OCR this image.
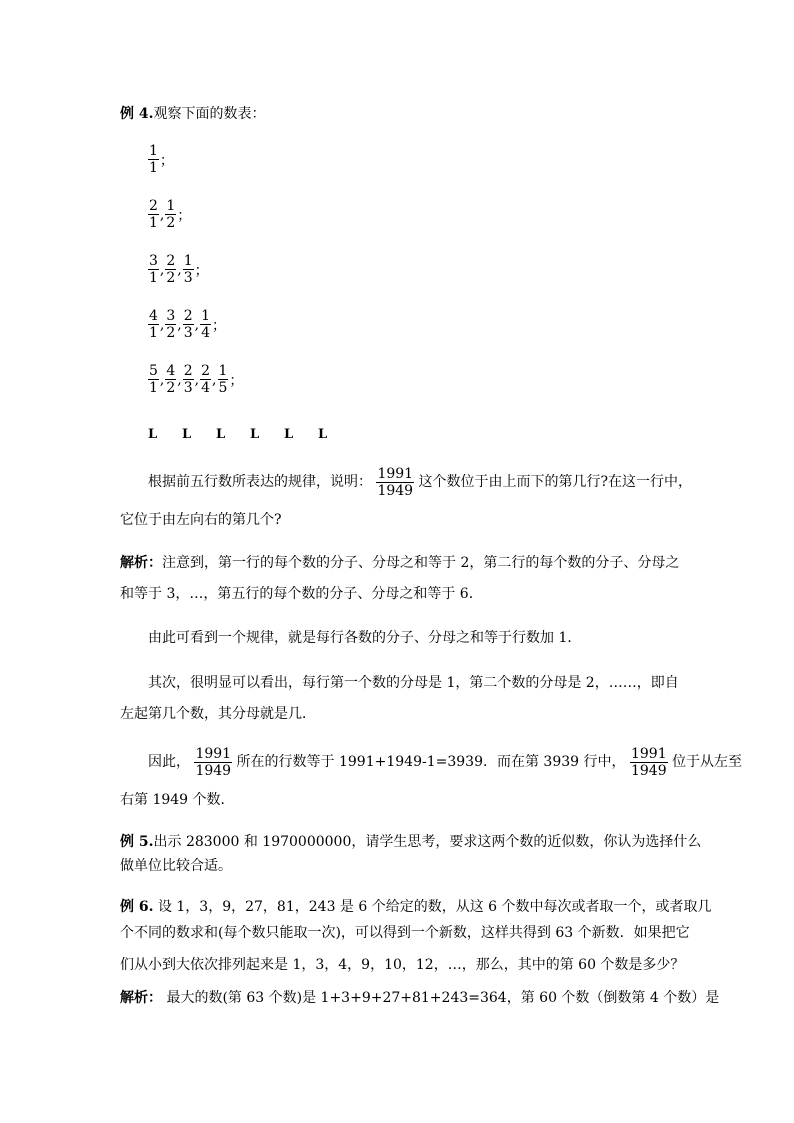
例 4.观察下面的数表：
$\frac{1}{1}$ ；
$\frac{2}{1}$ , $\frac{1}{2}$ ；
$\frac{3}{1}$ , $\frac{2}{2}$ , $\frac{1}{3}$ ；
$\frac{4}{1}$ , $\frac{3}{2}$ , $\frac{2}{3}$ , $\frac{1}{4}$ ；
$\frac{5}{1}$ , $\frac{4}{2}$ , $\frac{2}{3}$ , $\frac{2}{4}$ , $\frac{1}{5}$ ；
L L L L L L
根据前五行数所表达的规律，说明： $\frac{1991}{1949}$ 这个数位于由上而下的第几行?在这一行中，
它位于由左向右的第几个?
解析：注意到，第一行的每个数的分子、分母之和等于 2，第二行的每个数的分子、分母之
和等于 3，…，第五行的每个数的分子、分母之和等于 6．
由此可看到一个规律，就是每行各数的分子、分母之和等于行数加 1．
其次，很明显可以看出，每行第一个数的分母是 1，第二个数的分母是 2，……，即自
左起第几个数，其分母就是几．
因此， $\frac{1991}{1949}$ 所在的行数等于 1991+1949-1=3939．而在第 3939 行中， $\frac{1991}{1949}$ 位于从左至
右第 1949 个数．
例 5.出示 283000 和 1970000000，请学生思考，要求这两个数的近似数，你认为选择什么
做单位比较合适。
例 6. 设 1，3，9，27，81，243 是 6 个给定的数，从这 6 个数中每次或者取一个，或者取几
个不同的数求和(每个数只能取一次)，可以得到一个新数，这样共得到 63 个新数．如果把它
们从小到大依次排列起来是 1，3，4，9，10，12，…，那么，其中的第 60 个数是多少？
解析： 最大的数(第 63 个数)是 1+3+9+27+81+243=364，第 60 个数（倒数第 4 个数）是
